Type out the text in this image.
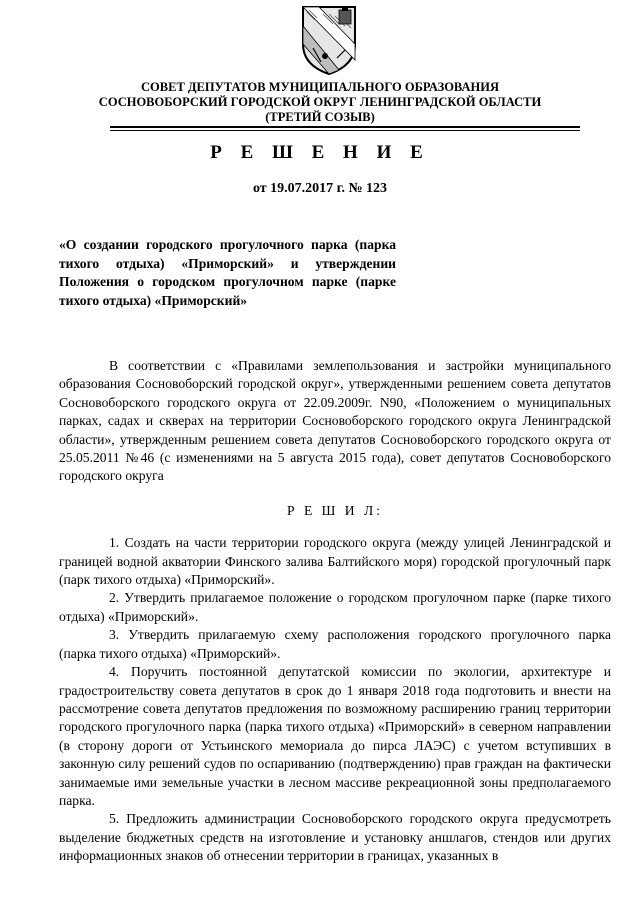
СОВЕТ ДЕПУТАТОВ МУНИЦИПАЛЬНОГО ОБРАЗОВАНИЯ
СОСНОВОБОРСКИЙ ГОРОДСКОЙ ОКРУГ ЛЕНИНГРАДСКОЙ ОБЛАСТИ
(ТРЕТИЙ СОЗЫВ)
Р Е Ш Е Н И Е
от 19.07.2017 г. № 123
«О создании городского прогулочного парка (парка тихого отдыха) «Приморский» и утверждении Положения о городском прогулочном парке (парке тихого отдыха) «Приморский»

В соответствии с «Правилами землепользования и застройки муниципального образования Сосновоборский городской округ», утвержденными решением совета депутатов Сосновоборского городского округа от 22.09.2009г. N90, «Положением о муниципальных парках, садах и скверах на территории Сосновоборского городского округа Ленинградской области», утвержденным решением совета депутатов Сосновоборского городского округа от 25.05.2011 №46 (с изменениями на 5 августа 2015 года), совет депутатов Сосновоборского городского округа

Р Е Ш И Л:

1. Создать на части территории городского округа (между улицей Ленинградской и границей водной акватории Финского залива Балтийского моря) городской прогулочный парк (парк тихого отдыха) «Приморский».

2. Утвердить прилагаемое положение о городском прогулочном парке (парке тихого отдыха) «Приморский».

3. Утвердить прилагаемую схему расположения городского прогулочного парка (парка тихого отдыха) «Приморский».

4. Поручить постоянной депутатской комиссии по экологии, архитектуре и градостроительству совета депутатов в срок до 1 января 2018 года подготовить и внести на рассмотрение совета депутатов предложения по возможному расширению границ территории городского прогулочного парка (парка тихого отдыха) «Приморский» в северном направлении (в сторону дороги от Устьинского мемориала до пирса ЛАЭС) с учетом вступивших в законную силу решений судов по оспариванию (подтверждению) прав граждан на фактически занимаемые ими земельные участки в лесном массиве рекреационной зоны предполагаемого парка.

5. Предложить администрации Сосновоборского городского округа предусмотреть выделение бюджетных средств на изготовление и установку аншлагов, стендов или других информационных знаков об отнесении территории в границах, указанных в
